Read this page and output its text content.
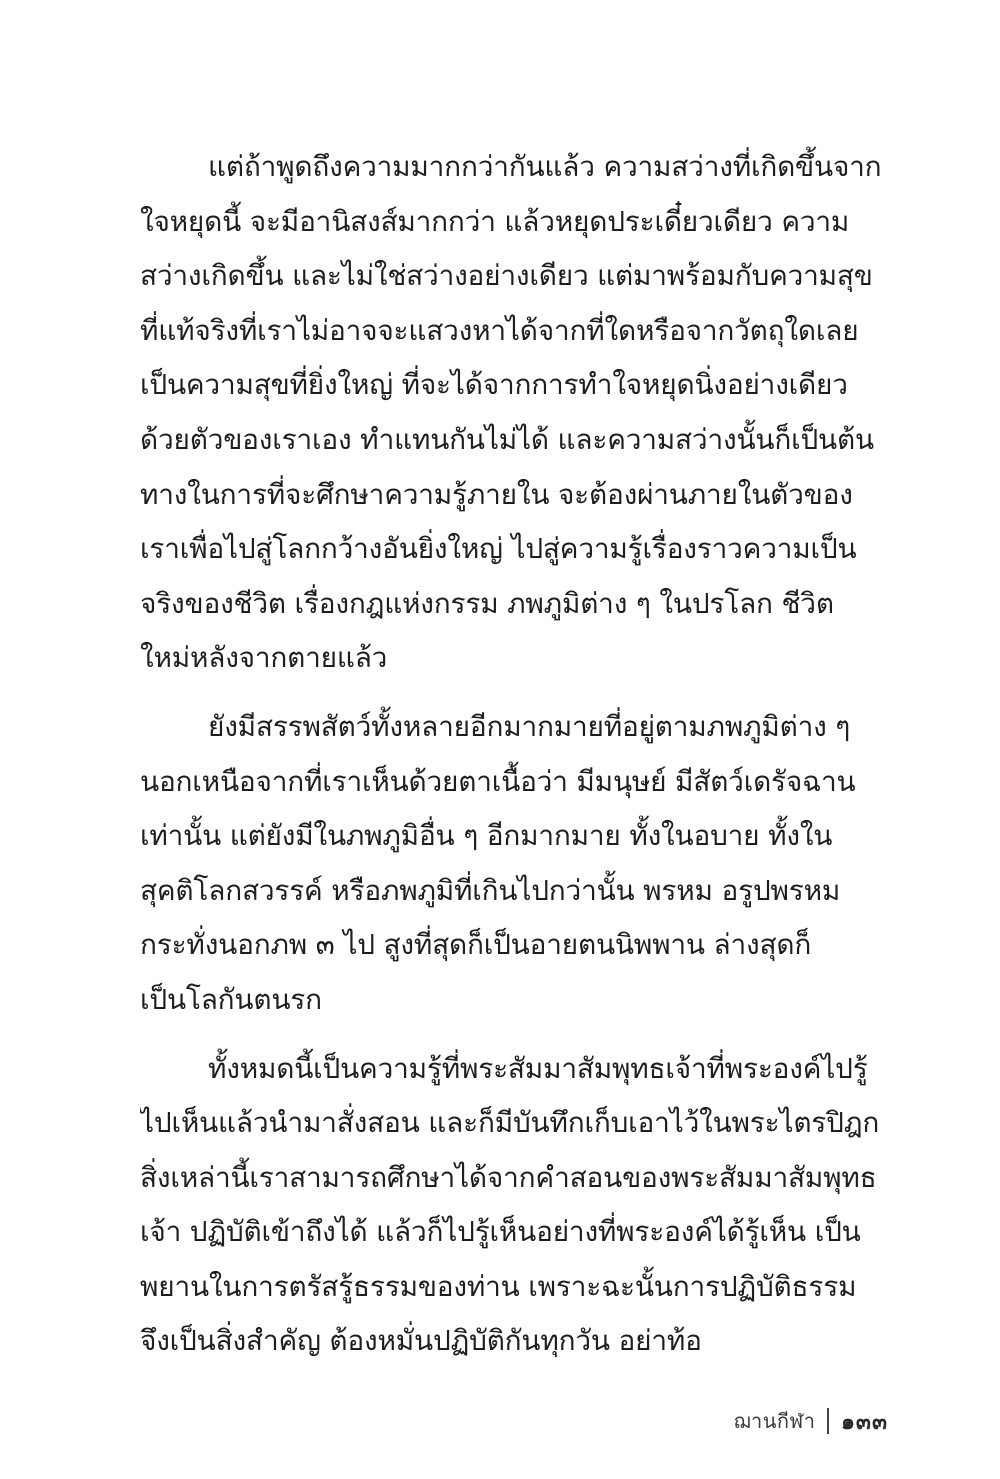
แต่ถ้าพูดถึงความมากกว่ากันแล้ว ความสว่างที่เกิดขึ้นจาก
ใจหยุดนี้ จะมีอานิสงส์มากกว่า แล้วหยุดประเดี๋ยวเดียว ความ
สว่างเกิดขึ้น และไม่ใช่สว่างอย่างเดียว แต่มาพร้อมกับความสุข
ที่แท้จริงที่เราไม่อาจจะแสวงหาได้จากที่ใดหรือจากวัตถุใดเลย
เป็นความสุขที่ยิ่งใหญ่ ที่จะได้จากการทำใจหยุดนิ่งอย่างเดียว
ด้วยตัวของเราเอง ทำแทนกันไม่ได้ และความสว่างนั้นก็เป็นต้น
ทางในการที่จะศึกษาความรู้ภายใน จะต้องผ่านภายในตัวของ
เราเพื่อไปสู่โลกกว้างอันยิ่งใหญ่ ไปสู่ความรู้เรื่องราวความเป็น
จริงของชีวิต เรื่องกฎแห่งกรรม ภพภูมิต่าง ๆ ในปรโลก ชีวิต
ใหม่หลังจากตายแล้ว
ยังมีสรรพสัตว์ทั้งหลายอีกมากมายที่อยู่ตามภพภูมิต่าง ๆ
นอกเหนือจากที่เราเห็นด้วยตาเนื้อว่า มีมนุษย์ มีสัตว์เดรัจฉาน
เท่านั้น แต่ยังมีในภพภูมิอื่น ๆ อีกมากมาย ทั้งในอบาย ทั้งใน
สุคติโลกสวรรค์ หรือภพภูมิที่เกินไปกว่านั้น พรหม อรูปพรหม
กระทั่งนอกภพ ๓ ไป สูงที่สุดก็เป็นอายตนนิพพาน ล่างสุดก็
เป็นโลกันตนรก
ทั้งหมดนี้เป็นความรู้ที่พระสัมมาสัมพุทธเจ้าที่พระองค์ไปรู้
ไปเห็นแล้วนำมาสั่งสอน และก็มีบันทึกเก็บเอาไว้ในพระไตรปิฎก
สิ่งเหล่านี้เราสามารถศึกษาได้จากคำสอนของพระสัมมาสัมพุทธ
เจ้า ปฏิบัติเข้าถึงได้ แล้วก็ไปรู้เห็นอย่างที่พระองค์ได้รู้เห็น เป็น
พยานในการตรัสรู้ธรรมของท่าน เพราะฉะนั้นการปฏิบัติธรรม
จึงเป็นสิ่งสำคัญ ต้องหมั่นปฏิบัติกันทุกวัน อย่าท้อ
ฌานกีฬา ๑๓๓
